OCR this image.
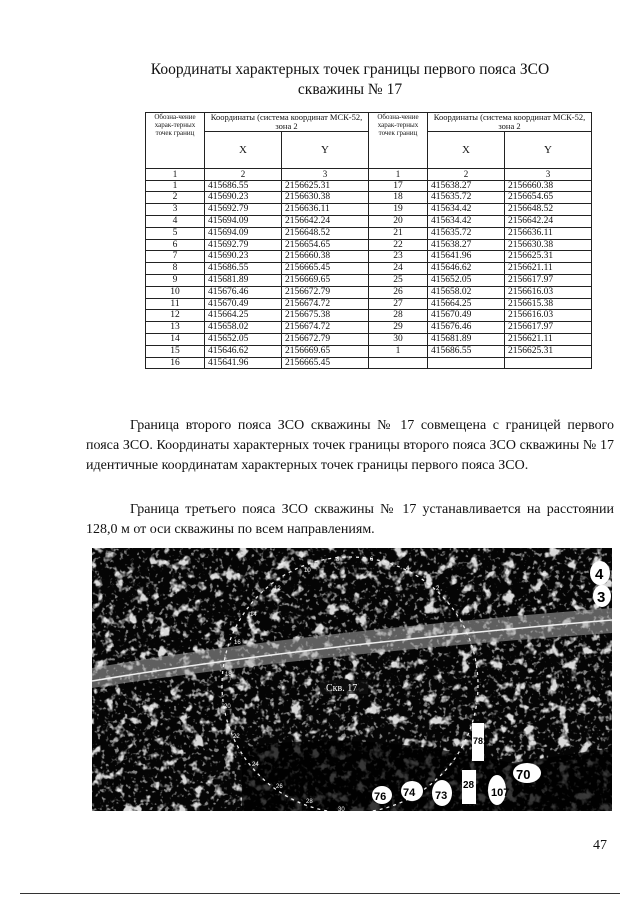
Координаты характерных точек границы первого пояса ЗСО скважины № 17
Обозна-чение харак-терных точек границ	Координаты (система координат МСК-52, зона 2		Обозна-чение харак-терных точек границ	Координаты (система координат МСК-52, зона 2	
	X	Y		X	Y
1	2	3	1	2	3
1	415686.55	2156625.31	17	415638.27	2156660.38
2	415690.23	2156630.38	18	415635.72	2156654.65
3	415692.79	2156636.11	19	415634.42	2156648.52
4	415694.09	2156642.24	20	415634.42	2156642.24
5	415694.09	2156648.52	21	415635.72	2156636.11
6	415692.79	2156654.65	22	415638.27	2156630.38
7	415690.23	2156660.38	23	415641.96	2156625.31
8	415686.55	2156665.45	24	415646.62	2156621.11
9	415681.89	2156669.65	25	415652.05	2156617.97
10	415676.46	2156672.79	26	415658.02	2156616.03
11	415670.49	2156674.72	27	415664.25	2156615.38
12	415664.25	2156675.38	28	415670.49	2156616.03
13	415658.02	2156674.72	29	415676.46	2156617.97
14	415652.05	2156672.79	30	415681.89	2156621.11
15	415646.62	2156669.65	1	415686.55	2156625.31
16	415641.96	2156665.45			

Граница второго пояса ЗСО скважины № 17 совмещена с границей первого пояса ЗСО. Координаты характерных точек границы второго пояса ЗСО скважины № 17 идентичные координатам характерных точек границы первого пояса ЗСО.

Граница третьего пояса ЗСО скважины № 17 устанавливается на расстоянии 128,0 м от оси скважины по всем направлениям.

4
3
70
107
28
73
74
76
781
Скв. 17
30
28
26
24
22
20
18
16
14
12
10
8	6
4
2
47
